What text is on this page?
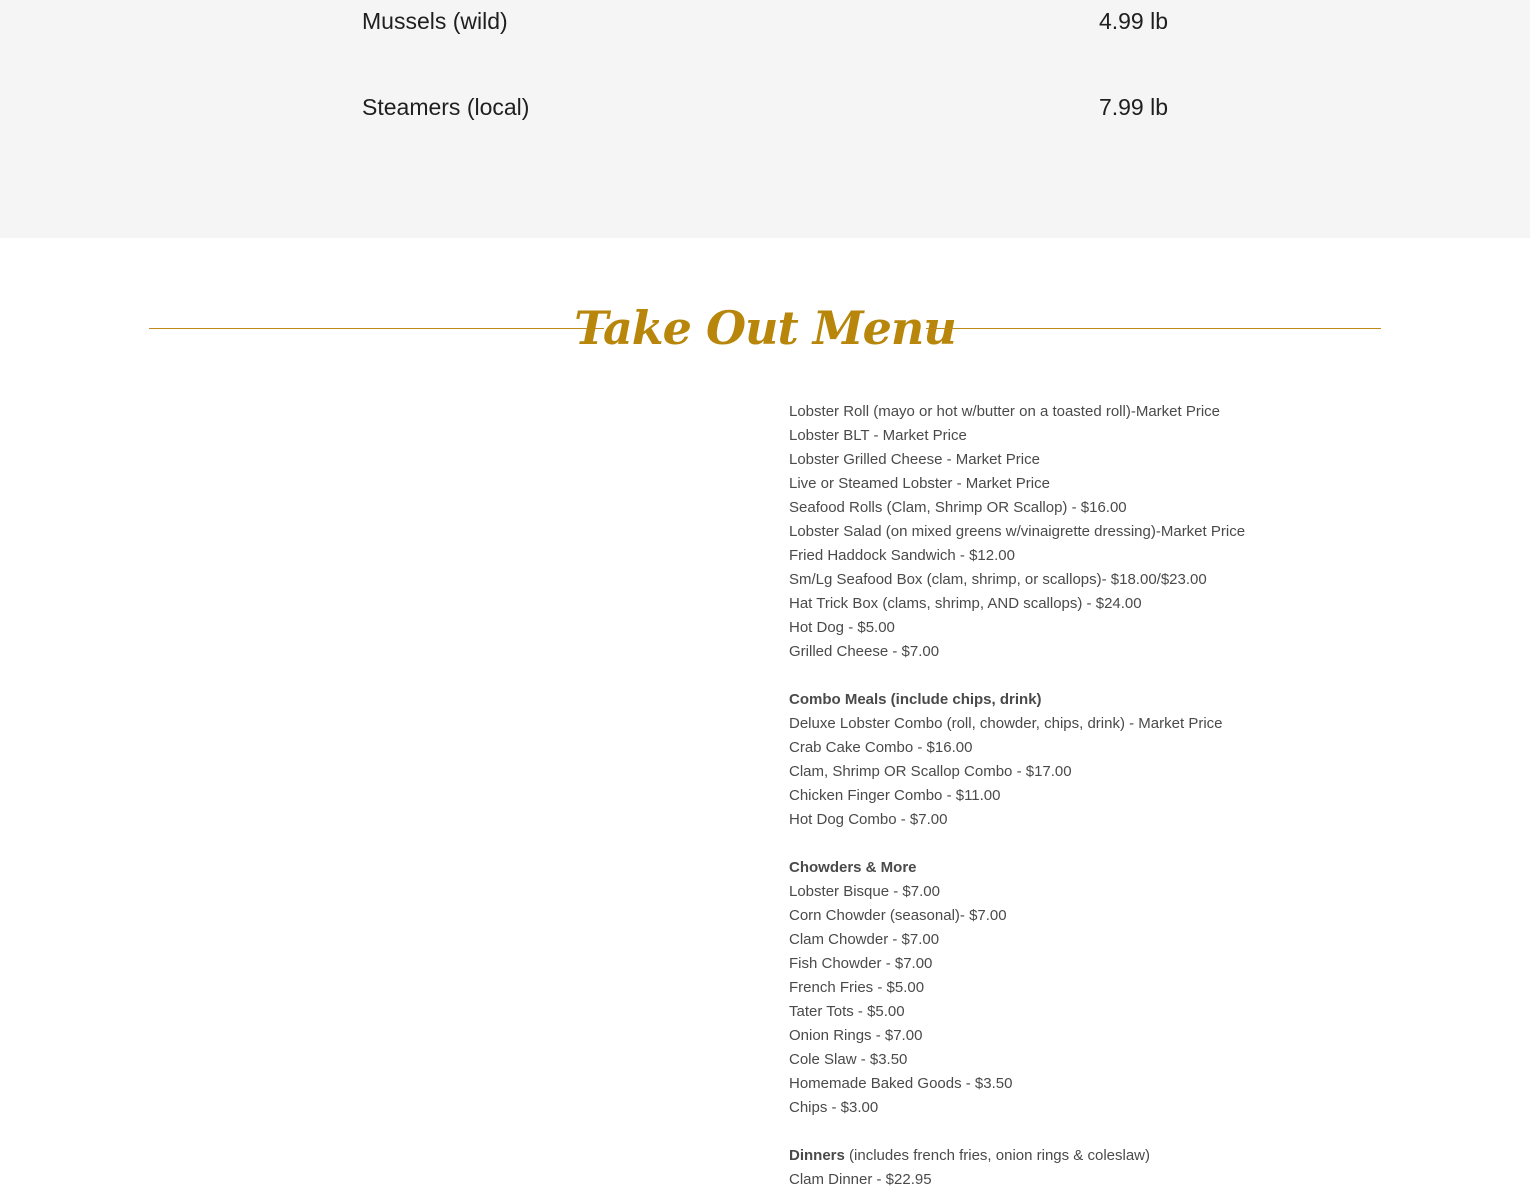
Mussels (wild)	4.99 lb
Steamers (local)	7.99 lb
Take Out Menu
Lobster Roll (mayo or hot w/butter on a toasted roll)-Market Price
Lobster BLT - Market Price
Lobster Grilled Cheese - Market Price
Live or Steamed Lobster - Market Price
Seafood Rolls (Clam, Shrimp OR Scallop) - $16.00
Lobster Salad (on mixed greens w/vinaigrette dressing)-Market Price
Fried Haddock Sandwich - $12.00
Sm/Lg Seafood Box (clam, shrimp, or scallops)- $18.00/$23.00
Hat Trick Box (clams, shrimp, AND scallops) - $24.00
Hot Dog - $5.00
Grilled Cheese - $7.00
Combo Meals (include chips, drink)
Deluxe Lobster Combo (roll, chowder, chips, drink) - Market Price
Crab Cake Combo - $16.00
Clam, Shrimp OR Scallop Combo - $17.00
Chicken Finger Combo - $11.00
Hot Dog Combo - $7.00
Chowders & More
Lobster Bisque - $7.00
Corn Chowder (seasonal)- $7.00
Clam Chowder - $7.00
Fish Chowder - $7.00
French Fries - $5.00
Tater Tots - $5.00
Onion Rings - $7.00
Cole Slaw - $3.50
Homemade Baked Goods - $3.50
Chips - $3.00
Dinners (includes french fries, onion rings & coleslaw)
Clam Dinner - $22.95
